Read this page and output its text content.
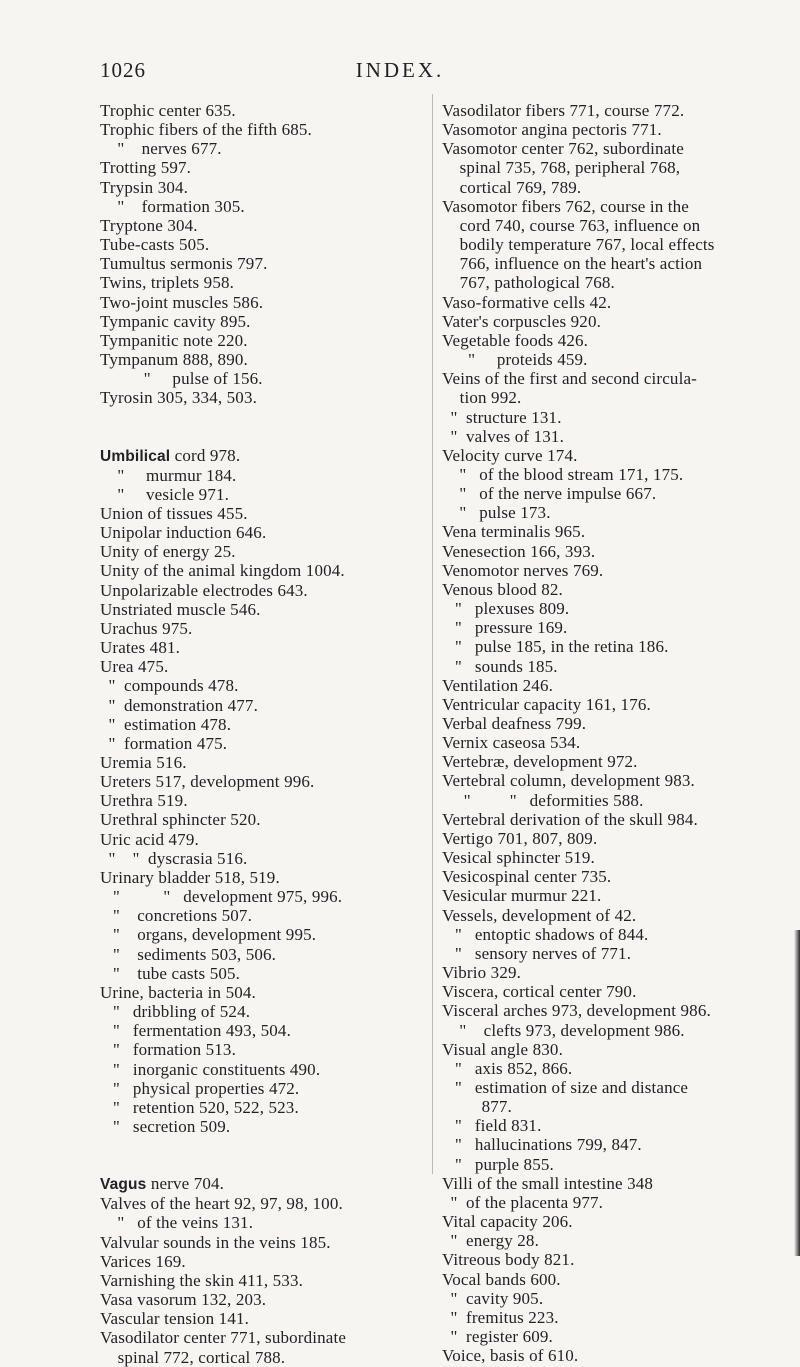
1026	INDEX.
Trophic center 635.
Trophic fibers of the fifth 685.
''    nerves 677.
Trotting 597.
Trypsin 304.
''    formation 305.
Tryptone 304.
Tube-casts 505.
Tumultus sermonis 797.
Twins, triplets 958.
Two-joint muscles 586.
Tympanic cavity 895.
Tympanitic note 220.
Tympanum 888, 890.
''     pulse of 156.
Tyrosin 305, 334, 503.
Umbilical cord 978.
''     murmur 184.
''     vesicle 971.
Union of tissues 455.
Unipolar induction 646.
Unity of energy 25.
Unity of the animal kingdom 1004.
Unpolarizable electrodes 643.
Unstriated muscle 546.
Urachus 975.
Urates 481.
Urea 475.
''  compounds 478.
''  demonstration 477.
''  estimation 478.
''  formation 475.
Uremia 516.
Ureters 517, development 996.
Urethra 519.
Urethral sphincter 520.
Uric acid 479.
''    ''  dyscrasia 516.
Urinary bladder 518, 519.
''          ''   development 975, 996.
''    concretions 507.
''    organs, development 995.
''    sediments 503, 506.
''    tube casts 505.
Urine, bacteria in 504.
''   dribbling of 524.
''   fermentation 493, 504.
''   formation 513.
''   inorganic constituents 490.
''   physical properties 472.
''   retention 520, 522, 523.
''   secretion 509.
Vagus nerve 704.
Valves of the heart 92, 97, 98, 100.
''   of the veins 131.
Valvular sounds in the veins 185.
Varices 169.
Varnishing the skin 411, 533.
Vasa vasorum 132, 203.
Vascular tension 141.
Vasodilator center 771, subordinate
spinal 772, cortical 788.
Vasodilator fibers 771, course 772.
Vasomotor angina pectoris 771.
Vasomotor center 762, subordinate
spinal 735, 768, peripheral 768,
cortical 769, 789.
Vasomotor fibers 762, course in the
cord 740, course 763, influence on
bodily temperature 767, local effects
766, influence on the heart's action
767, pathological 768.
Vaso-formative cells 42.
Vater's corpuscles 920.
Vegetable foods 426.
''     proteids 459.
Veins of the first and second circula-
tion 992.
''  structure 131.
''  valves of 131.
Velocity curve 174.
''   of the blood stream 171, 175.
''   of the nerve impulse 667.
''   pulse 173.
Vena terminalis 965.
Venesection 166, 393.
Venomotor nerves 769.
Venous blood 82.
''   plexuses 809.
''   pressure 169.
''   pulse 185, in the retina 186.
''   sounds 185.
Ventilation 246.
Ventricular capacity 161, 176.
Verbal deafness 799.
Vernix caseosa 534.
Vertebræ, development 972.
Vertebral column, development 983.
''         ''   deformities 588.
Vertebral derivation of the skull 984.
Vertigo 701, 807, 809.
Vesical sphincter 519.
Vesicospinal center 735.
Vesicular murmur 221.
Vessels, development of 42.
''   entoptic shadows of 844.
''   sensory nerves of 771.
Vibrio 329.
Viscera, cortical center 790.
Visceral arches 973, development 986.
''    clefts 973, development 986.
Visual angle 830.
''   axis 852, 866.
''   estimation of size and distance
877.
''   field 831.
''   hallucinations 799, 847.
''   purple 855.
Villi of the small intestine 348
''  of the placenta 977.
Vital capacity 206.
''  energy 28.
Vitreous body 821.
Vocal bands 600.
''  cavity 905.
''  fremitus 223.
''  register 609.
Voice, basis of 610.
